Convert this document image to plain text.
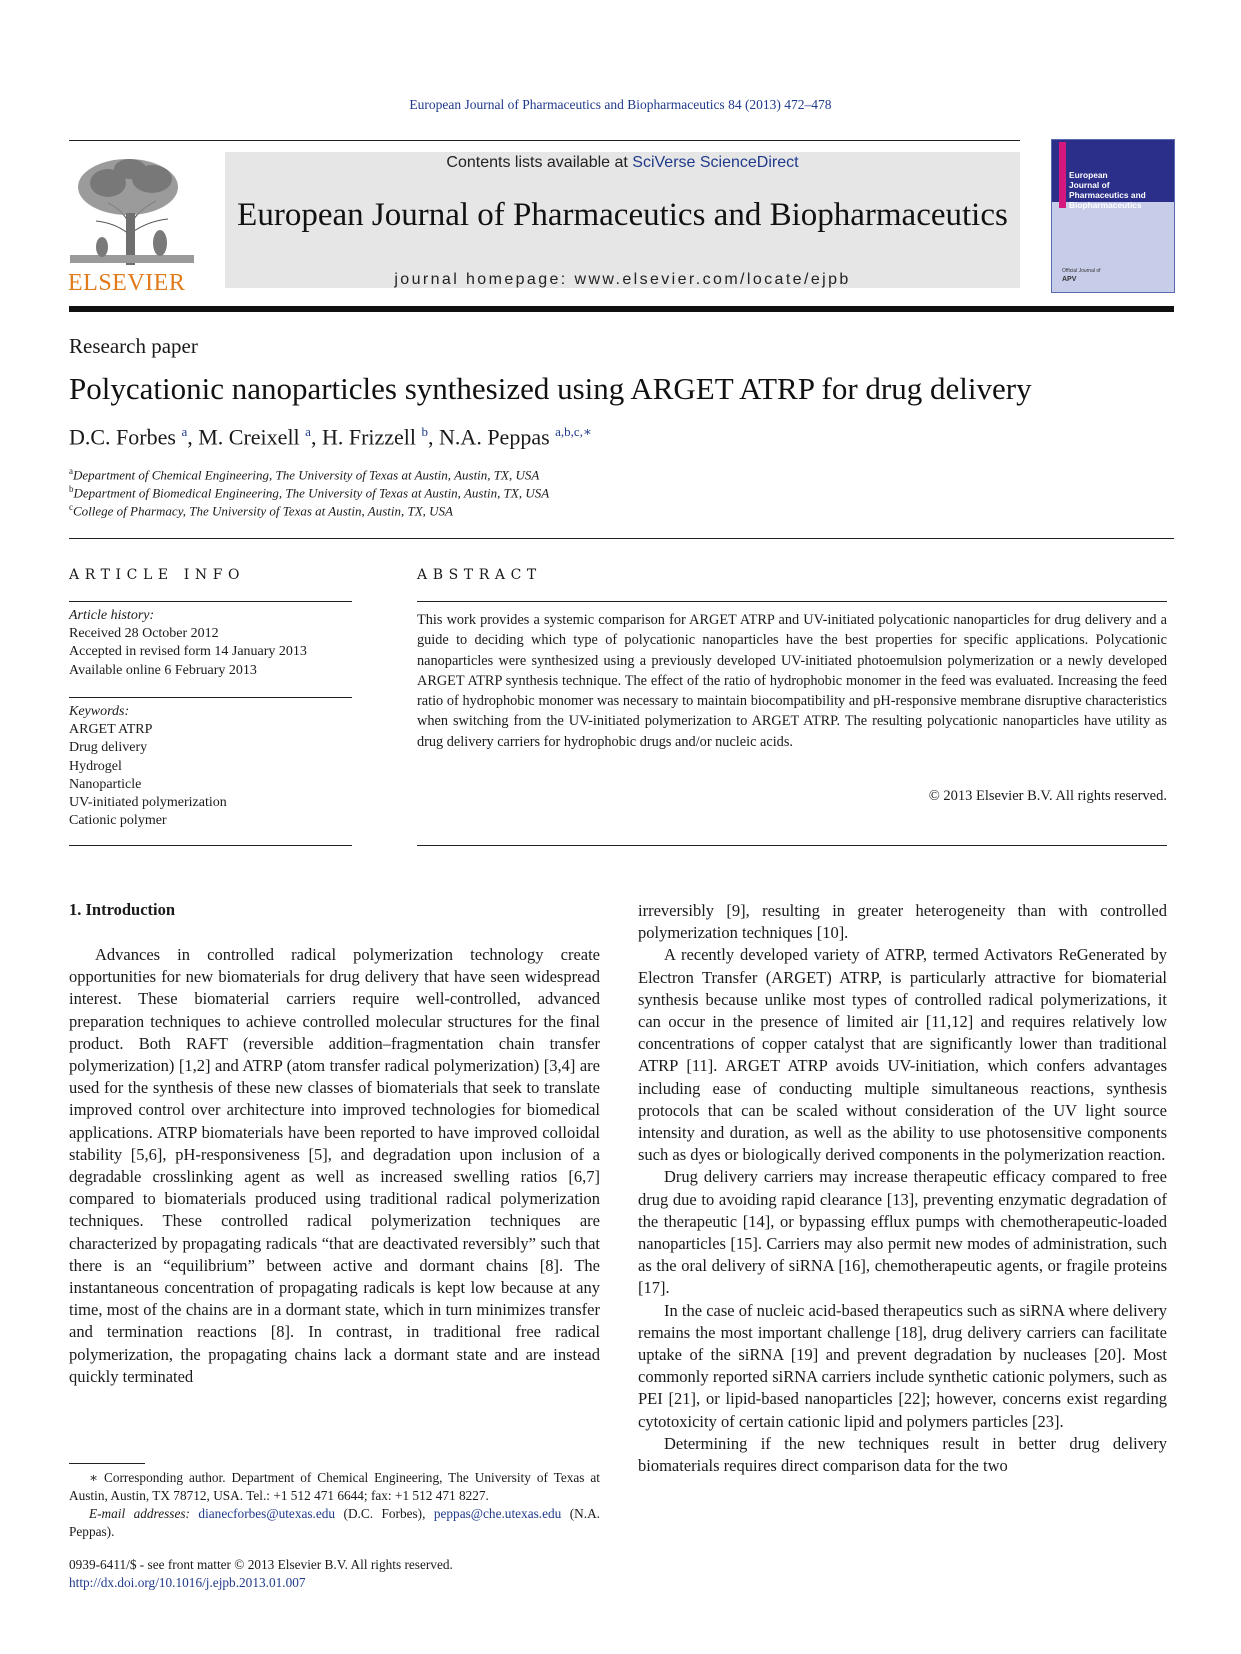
European Journal of Pharmaceutics and Biopharmaceutics 84 (2013) 472–478
ELSEVIER
Contents lists available at SciVerse ScienceDirect
European Journal of Pharmaceutics and Biopharmaceutics
journal homepage: www.elsevier.com/locate/ejpb
European
Journal of
Pharmaceutics and
Biopharmaceutics
Official Journal of
APV
Research paper
Polycationic nanoparticles synthesized using ARGET ATRP for drug delivery
D.C. Forbes $^a$, M. Creixell $^a$, H. Frizzell $^b$, N.A. Peppas $^{a,b,c,∗}$
$^a$Department of Chemical Engineering, The University of Texas at Austin, Austin, TX, USA
$^b$Department of Biomedical Engineering, The University of Texas at Austin, Austin, TX, USA
$^c$College of Pharmacy, The University of Texas at Austin, Austin, TX, USA
ARTICLE INFO
Article history:
Received 28 October 2012
Accepted in revised form 14 January 2013
Available online 6 February 2013
Keywords:
ARGET ATRP
Drug delivery
Hydrogel
Nanoparticle
UV-initiated polymerization
Cationic polymer
ABSTRACT
This work provides a systemic comparison for ARGET ATRP and UV-initiated polycationic nanoparticles for drug delivery and a guide to deciding which type of polycationic nanoparticles have the best properties for specific applications. Polycationic nanoparticles were synthesized using a previously developed UV-initiated photoemulsion polymerization or a newly developed ARGET ATRP synthesis technique. The effect of the ratio of hydrophobic monomer in the feed was evaluated. Increasing the feed ratio of hydrophobic monomer was necessary to maintain biocompatibility and pH-responsive membrane disruptive characteristics when switching from the UV-initiated polymerization to ARGET ATRP. The resulting polycationic nanoparticles have utility as drug delivery carriers for hydrophobic drugs and/or nucleic acids.
© 2013 Elsevier B.V. All rights reserved.
1. Introduction

Advances in controlled radical polymerization technology create opportunities for new biomaterials for drug delivery that have seen widespread interest. These biomaterial carriers require well-controlled, advanced preparation techniques to achieve controlled molecular structures for the final product. Both RAFT (reversible addition–fragmentation chain transfer polymerization) [1,2] and ATRP (atom transfer radical polymerization) [3,4] are used for the synthesis of these new classes of biomaterials that seek to translate improved control over architecture into improved technologies for biomedical applications. ATRP biomaterials have been reported to have improved colloidal stability [5,6], pH-responsiveness [5], and degradation upon inclusion of a degradable crosslinking agent as well as increased swelling ratios [6,7] compared to biomaterials produced using traditional radical polymerization techniques. These controlled radical polymerization techniques are characterized by propagating radicals “that are deactivated reversibly” such that there is an “equilibrium” between active and dormant chains [8]. The instantaneous concentration of propagating radicals is kept low because at any time, most of the chains are in a dormant state, which in turn minimizes transfer and termination reactions [8]. In contrast, in traditional free radical polymerization, the propagating chains lack a dormant state and are instead quickly terminated

irreversibly [9], resulting in greater heterogeneity than with controlled polymerization techniques [10].

A recently developed variety of ATRP, termed Activators ReGenerated by Electron Transfer (ARGET) ATRP, is particularly attractive for biomaterial synthesis because unlike most types of controlled radical polymerizations, it can occur in the presence of limited air [11,12] and requires relatively low concentrations of copper catalyst that are significantly lower than traditional ATRP [11]. ARGET ATRP avoids UV-initiation, which confers advantages including ease of conducting multiple simultaneous reactions, synthesis protocols that can be scaled without consideration of the UV light source intensity and duration, as well as the ability to use photosensitive components such as dyes or biologically derived components in the polymerization reaction.

Drug delivery carriers may increase therapeutic efficacy compared to free drug due to avoiding rapid clearance [13], preventing enzymatic degradation of the therapeutic [14], or bypassing efflux pumps with chemotherapeutic-loaded nanoparticles [15]. Carriers may also permit new modes of administration, such as the oral delivery of siRNA [16], chemotherapeutic agents, or fragile proteins [17].

In the case of nucleic acid-based therapeutics such as siRNA where delivery remains the most important challenge [18], drug delivery carriers can facilitate uptake of the siRNA [19] and prevent degradation by nucleases [20]. Most commonly reported siRNA carriers include synthetic cationic polymers, such as PEI [21], or lipid-based nanoparticles [22]; however, concerns exist regarding cytotoxicity of certain cationic lipid and polymers particles [23].

Determining if the new techniques result in better drug delivery biomaterials requires direct comparison data for the two

∗ Corresponding author. Department of Chemical Engineering, The University of Texas at Austin, Austin, TX 78712, USA. Tel.: +1 512 471 6644; fax: +1 512 471 8227.
E-mail addresses: dianecforbes@utexas.edu (D.C. Forbes), peppas@che.utexas.edu (N.A. Peppas).
0939-6411/$ - see front matter © 2013 Elsevier B.V. All rights reserved.
http://dx.doi.org/10.1016/j.ejpb.2013.01.007
